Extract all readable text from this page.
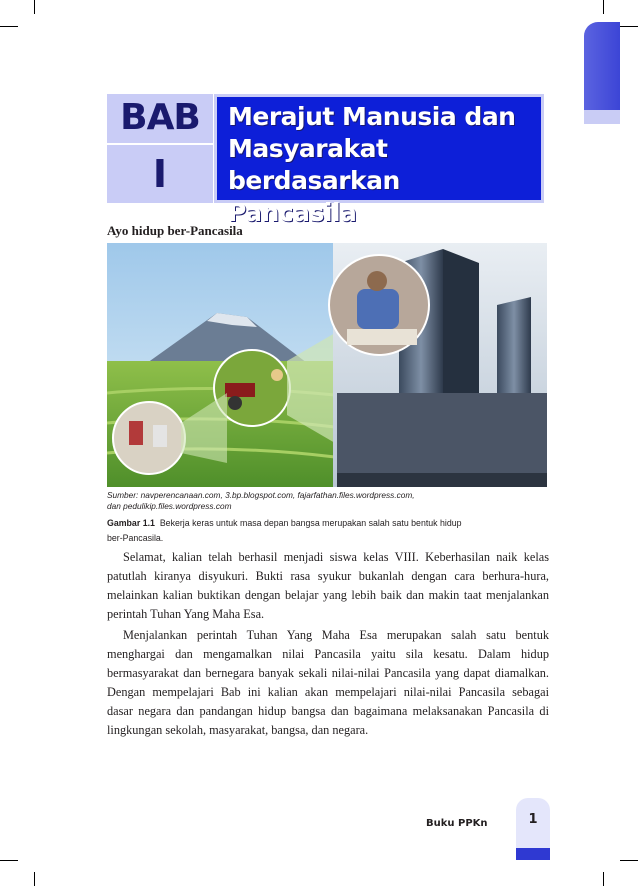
BAB
I
Merajut Manusia dan
Masyarakat berdasarkan
Pancasila
Ayo hidup ber-Pancasila
Sumber: navperencanaan.com, 3.bp.blogspot.com, fajarfathan.files.wordpress.com,
dan pedulikip.files.wordpress.com
Gambar 1.1 Bekerja keras untuk masa depan bangsa merupakan salah satu bentuk hidup
ber-Pancasila.
Selamat, kalian telah berhasil menjadi siswa kelas VIII. Keberhasilan naik kelas
patutlah kiranya disyukuri. Bukti rasa syukur bukanlah dengan cara berhura-hura,
melainkan kalian buktikan dengan belajar yang lebih baik dan makin taat menjalankan
perintah Tuhan Yang Maha Esa.
Menjalankan perintah Tuhan Yang Maha Esa merupakan salah satu bentuk
menghargai dan mengamalkan nilai Pancasila yaitu sila kesatu. Dalam hidup
bermasyarakat dan bernegara banyak sekali nilai-nilai Pancasila yang dapat diamalkan.
Dengan mempelajari Bab ini kalian akan mempelajari nilai-nilai Pancasila sebagai
dasar negara dan pandangan hidup bangsa dan bagaimana melaksanakan Pancasila di
lingkungan sekolah, masyarakat, bangsa, dan negara.
Buku PPKn	1
